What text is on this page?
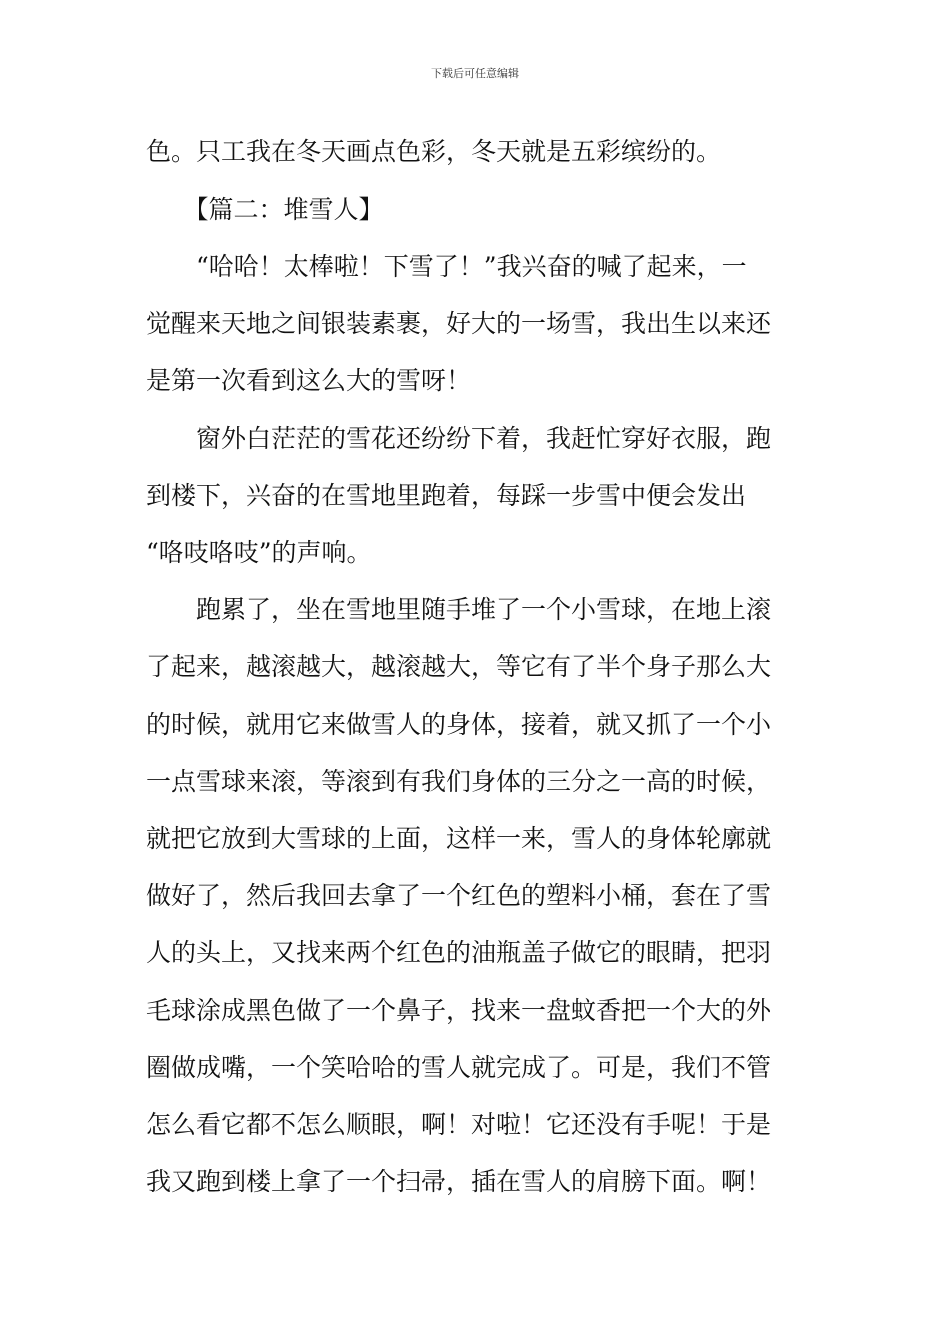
下载后可任意编辑
色。只工我在冬天画点色彩，冬天就是五彩缤纷的。
　　【篇二：堆雪人】
　　“哈哈！太棒啦！下雪了！”我兴奋的喊了起来，一
觉醒来天地之间银装素裹，好大的一场雪，我出生以来还
是第一次看到这么大的雪呀！
　　窗外白茫茫的雪花还纷纷下着，我赶忙穿好衣服，跑
到楼下，兴奋的在雪地里跑着，每踩一步雪中便会发出
“咯吱咯吱”的声响。
　　跑累了，坐在雪地里随手堆了一个小雪球，在地上滚
了起来，越滚越大，越滚越大，等它有了半个身子那么大
的时候，就用它来做雪人的身体，接着，就又抓了一个小
一点雪球来滚，等滚到有我们身体的三分之一高的时候，
就把它放到大雪球的上面，这样一来，雪人的身体轮廓就
做好了，然后我回去拿了一个红色的塑料小桶，套在了雪
人的头上，又找来两个红色的油瓶盖子做它的眼睛，把羽
毛球涂成黑色做了一个鼻子，找来一盘蚊香把一个大的外
圈做成嘴，一个笑哈哈的雪人就完成了。可是，我们不管
怎么看它都不怎么顺眼，啊！对啦！它还没有手呢！于是
我又跑到楼上拿了一个扫帚，插在雪人的肩膀下面。啊！
